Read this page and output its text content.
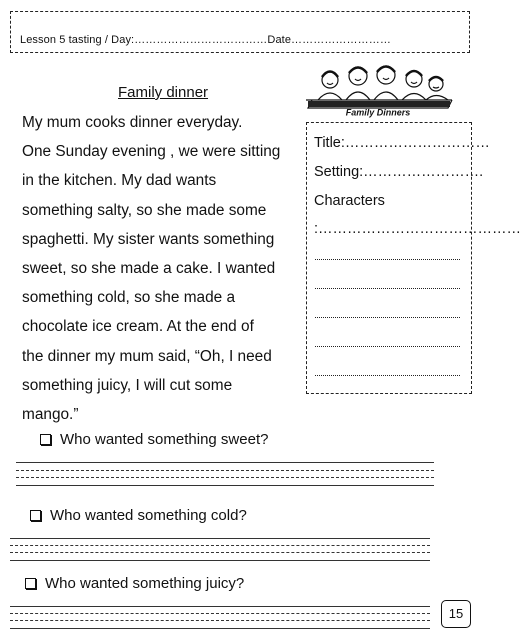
Lesson 5 tasting / Day:………………………………Date………………………
Family dinner

My mum cooks dinner everyday.

One Sunday evening , we were sitting

in the kitchen. My dad wants

something salty, so she made some

spaghetti. My sister wants something

sweet, so she made a cake. I wanted

something cold, so she made a

chocolate ice cream. At the end of

the dinner my mum said, “Oh, I need

something juicy, I will cut some

mango.”

Family Dinners
Title:…………………………
Setting:…………………….
Characters
:……………………………………
Who wanted something sweet?
Who wanted something cold?
Who wanted something juicy?
15
